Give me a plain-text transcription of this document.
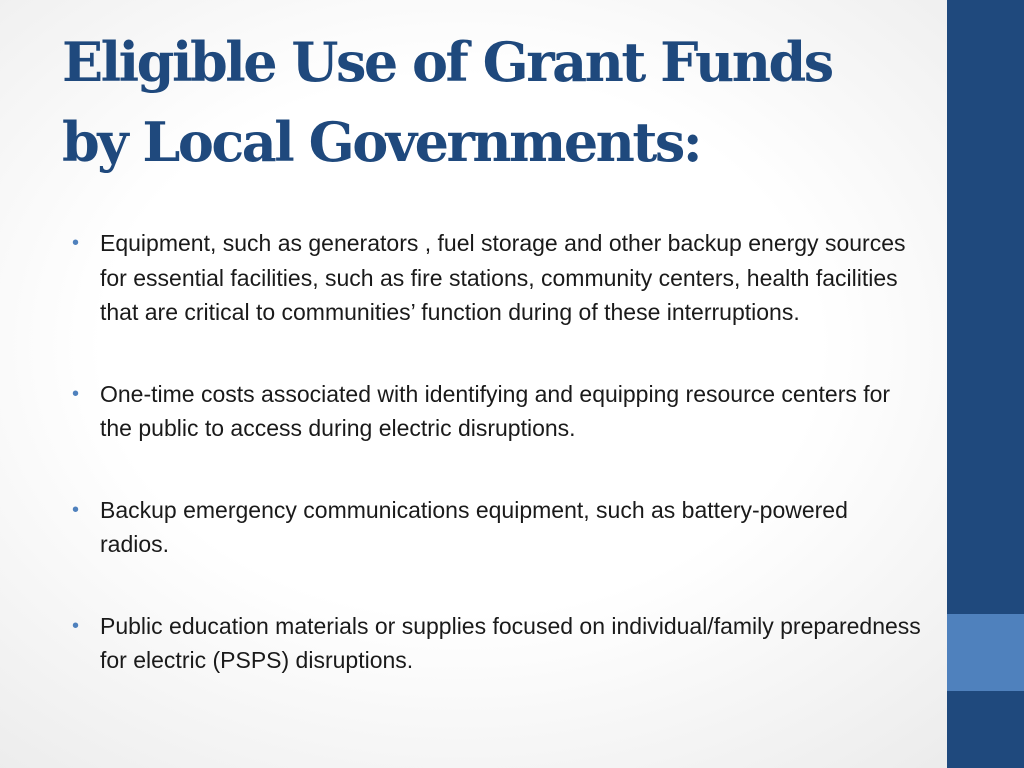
Eligible Use of Grant Funds
by Local Governments:
• Equipment, such as generators , fuel storage and other backup energy sources for essential facilities, such as fire stations, community centers, health facilities that are critical to communities’ function during of these interruptions.
• One-time costs associated with identifying and equipping resource centers for the public to access during electric disruptions.
• Backup emergency communications equipment, such as battery-powered radios.
• Public education materials or supplies focused on individual/family preparedness for electric (PSPS) disruptions.
